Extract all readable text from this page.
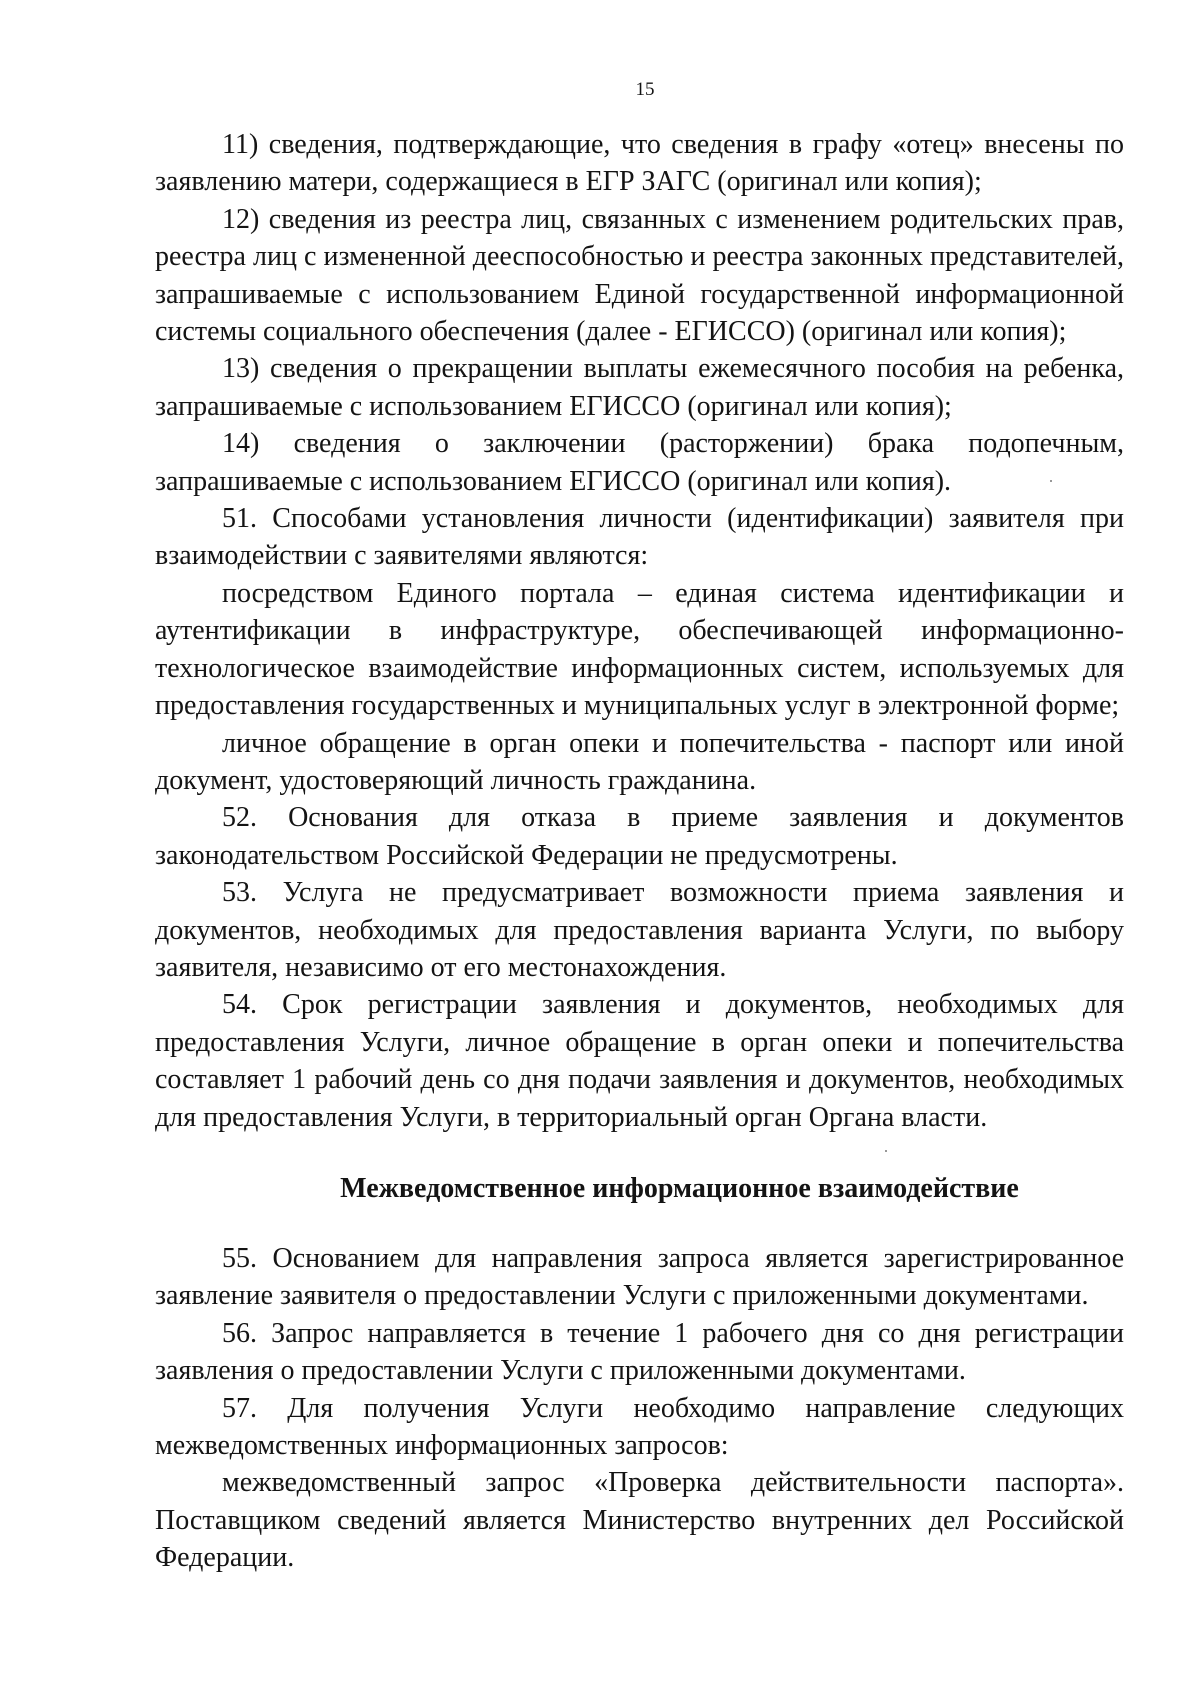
15

11) сведения, подтверждающие, что сведения в графу «отец» внесены по заявлению матери, содержащиеся в ЕГР ЗАГС (оригинал или копия);

12) сведения из реестра лиц, связанных с изменением родительских прав, реестра лиц с измененной дееспособностью и реестра законных представителей, запрашиваемые с использованием Единой государственной информационной системы социального обеспечения (далее - ЕГИССО) (оригинал или копия);

13) сведения о прекращении выплаты ежемесячного пособия на ребенка, запрашиваемые с использованием ЕГИССО (оригинал или копия);

14) сведения о заключении (расторжении) брака подопечным, запрашиваемые с использованием ЕГИССО (оригинал или копия).

51. Способами установления личности (идентификации) заявителя при взаимодействии с заявителями являются:

посредством Единого портала – единая система идентификации и аутентификации в инфраструктуре, обеспечивающей информационно-технологическое взаимодействие информационных систем, используемых для предоставления государственных и муниципальных услуг в электронной форме;

личное обращение в орган опеки и попечительства - паспорт или иной документ, удостоверяющий личность гражданина.

52. Основания для отказа в приеме заявления и документов законодательством Российской Федерации не предусмотрены.

53. Услуга не предусматривает возможности приема заявления и документов, необходимых для предоставления варианта Услуги, по выбору заявителя, независимо от его местонахождения.

54. Срок регистрации заявления и документов, необходимых для предоставления Услуги, личное обращение в орган опеки и попечительства составляет 1 рабочий день со дня подачи заявления и документов, необходимых для предоставления Услуги, в территориальный орган Органа власти.

Межведомственное информационное взаимодействие

55. Основанием для направления запроса является зарегистрированное заявление заявителя о предоставлении Услуги с приложенными документами.

56. Запрос направляется в течение 1 рабочего дня со дня регистрации заявления о предоставлении Услуги с приложенными документами.

57. Для получения Услуги необходимо направление следующих межведомственных информационных запросов:

межведомственный запрос «Проверка действительности паспорта». Поставщиком сведений является Министерство внутренних дел Российской Федерации.
